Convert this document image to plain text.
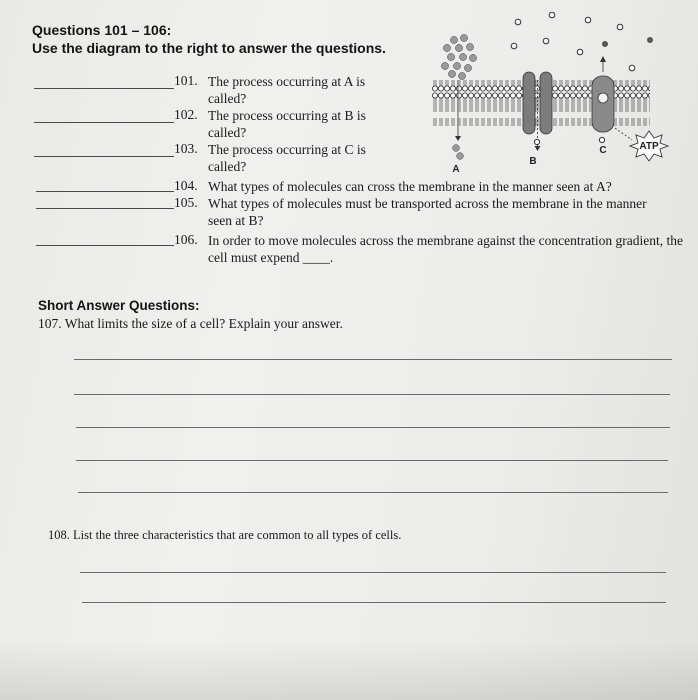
Questions 101 – 106:
Use the diagram to the right to answer the questions.
101.
102.
103.
104.
105.
106.
The process occurring at A is called?
The process occurring at B is called?
The process occurring at C is called?
What types of molecules can cross the membrane in the manner seen at A?
What types of molecules must be transported across the membrane in the manner seen at B?
In order to move molecules across the membrane against the concentration gradient, the cell must expend ____.
ATP
A
B
C
Short Answer Questions:
107. What limits the size of a cell? Explain your answer.
108. List the three characteristics that are common to all types of cells.
